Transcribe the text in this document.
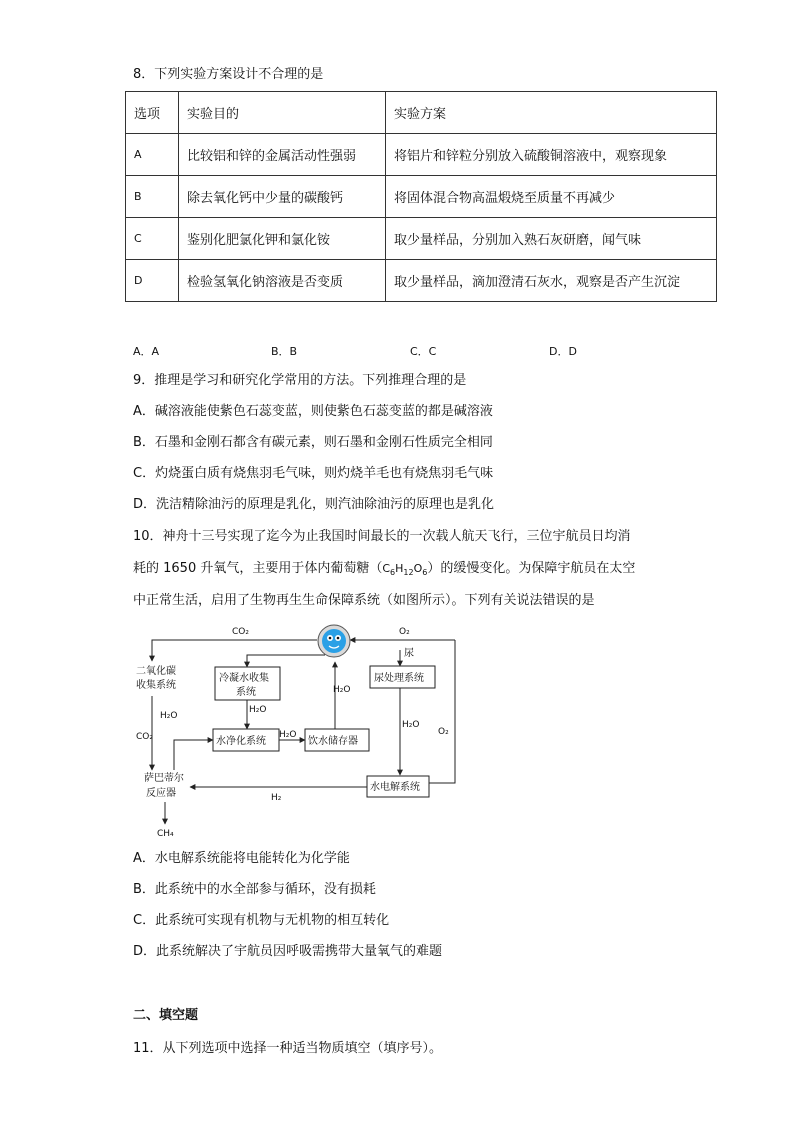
8．下列实验方案设计不合理的是
选项	实验目的	实验方案
A	比较铝和锌的金属活动性强弱	将铝片和锌粒分别放入硫酸铜溶液中，观察现象
B	除去氧化钙中少量的碳酸钙	将固体混合物高温煅烧至质量不再减少
C	鉴别化肥氯化钾和氯化铵	取少量样品，分别加入熟石灰研磨，闻气味
D	检验氢氧化钠溶液是否变质	取少量样品，滴加澄清石灰水，观察是否产生沉淀
A．A	B．B	C．C	D．D
9．推理是学习和研究化学常用的方法。下列推理合理的是
A．碱溶液能使紫色石蕊变蓝，则使紫色石蕊变蓝的都是碱溶液
B．石墨和金刚石都含有碳元素，则石墨和金刚石性质完全相同
C．灼烧蛋白质有烧焦羽毛气味，则灼烧羊毛也有烧焦羽毛气味
D．洗洁精除油污的原理是乳化，则汽油除油污的原理也是乳化
10．神舟十三号实现了迄今为止我国时间最长的一次载人航天飞行，三位宇航员日均消
耗的 1650 升氧气，主要用于体内葡萄糖$(C_6H_{12}O_6)$的缓慢变化。为保障宇航员在太空
中正常生活，启用了生物再生生命保障系统（如图所示）。下列有关说法错误的是
CO₂	O₂
尿
二氧化碳
收集系统
冷凝水收集
系统
尿处理系统
H₂O
H₂O
H₂O
H₂O
H₂O
CO₂	O₂
水净化系统	饮水储存器
萨巴蒂尔
反应器
水电解系统
H₂
CH₄
A．水电解系统能将电能转化为化学能
B．此系统中的水全部参与循环，没有损耗
C．此系统可实现有机物与无机物的相互转化
D．此系统解决了宇航员因呼吸需携带大量氧气的难题
二、填空题
11．从下列选项中选择一种适当物质填空（填序号）。
